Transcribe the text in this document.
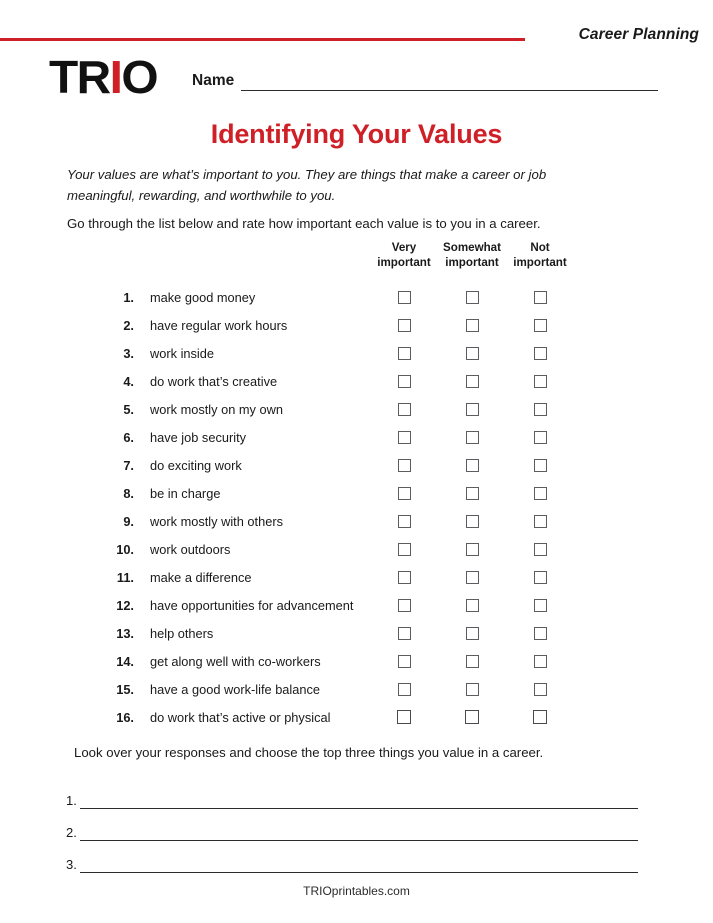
Career Planning
TR I O Name
Identifying Your Values
Your values are what’s important to you. They are things that make a career or job meaningful, rewarding, and worthwhile to you.
Go through the list below and rate how important each value is to you in a career.
Very
important
Somewhat
important
Not
important
1. make good money
2. have regular work hours
3. work inside
4. do work that’s creative
5. work mostly on my own
6. have job security
7. do exciting work
8. be in charge
9. work mostly with others
10. work outdoors
11. make a difference
12. have opportunities for advancement
13. help others
14. get along well with co-workers
15. have a good work-life balance
16. do work that’s active or physical
Look over your responses and choose the top three things you value in a career.
1.
2.
3.
TRIOprintables.com
